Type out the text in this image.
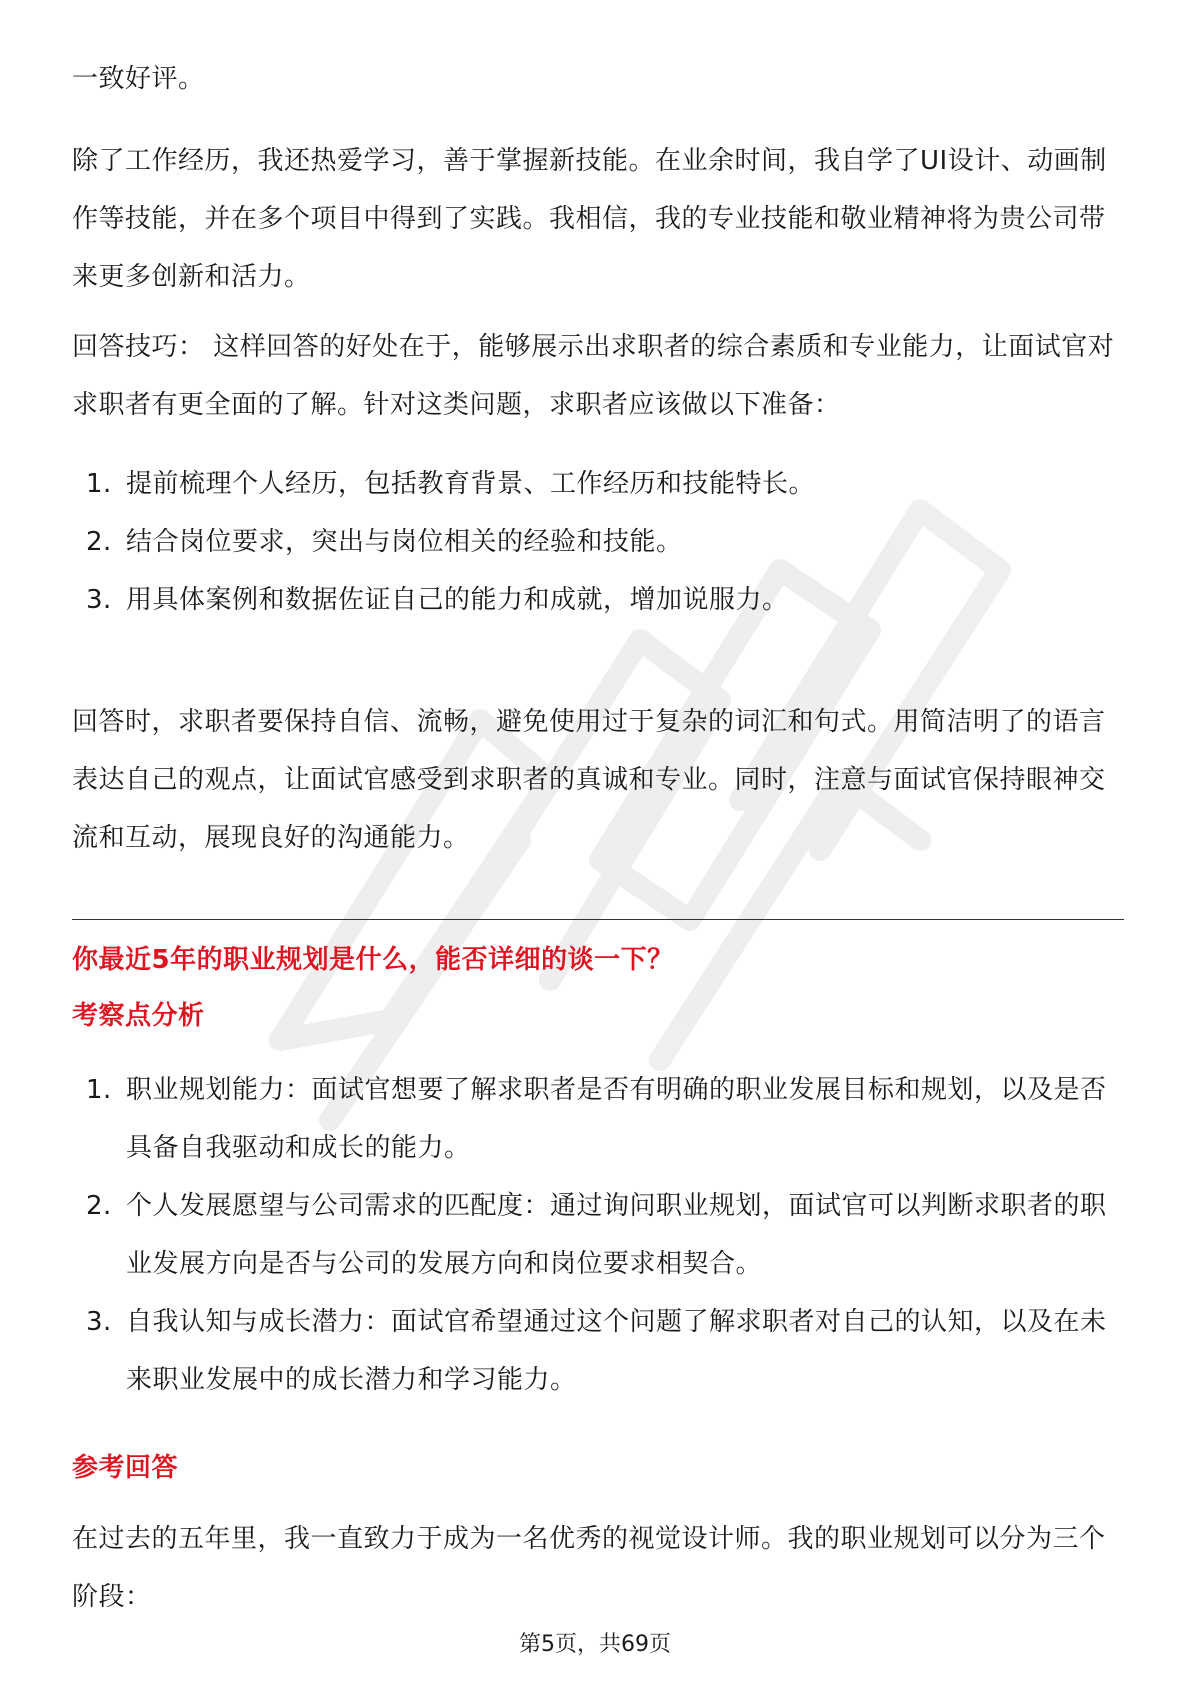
一致好评。

除了工作经历，我还热爱学习，善于掌握新技能。在业余时间，我自学了UI设计、动画制作等技能，并在多个项目中得到了实践。我相信，我的专业技能和敬业精神将为贵公司带来更多创新和活力。

回答技巧： 这样回答的好处在于，能够展示出求职者的综合素质和专业能力，让面试官对求职者有更全面的了解。针对这类问题，求职者应该做以下准备：

1. 提前梳理个人经历，包括教育背景、工作经历和技能特长。
2. 结合岗位要求，突出与岗位相关的经验和技能。
3. 用具体案例和数据佐证自己的能力和成就，增加说服力。

回答时，求职者要保持自信、流畅，避免使用过于复杂的词汇和句式。用简洁明了的语言表达自己的观点，让面试官感受到求职者的真诚和专业。同时，注意与面试官保持眼神交流和互动，展现良好的沟通能力。

你最近5年的职业规划是什么，能否详细的谈一下？
考察点分析
1. 职业规划能力：面试官想要了解求职者是否有明确的职业发展目标和规划，以及是否具备自我驱动和成长的能力。
2. 个人发展愿望与公司需求的匹配度：通过询问职业规划，面试官可以判断求职者的职业发展方向是否与公司的发展方向和岗位要求相契合。
3. 自我认知与成长潜力：面试官希望通过这个问题了解求职者对自己的认知，以及在未来职业发展中的成长潜力和学习能力。
参考回答

在过去的五年里，我一直致力于成为一名优秀的视觉设计师。我的职业规划可以分为三个阶段：

第5页，共69页
